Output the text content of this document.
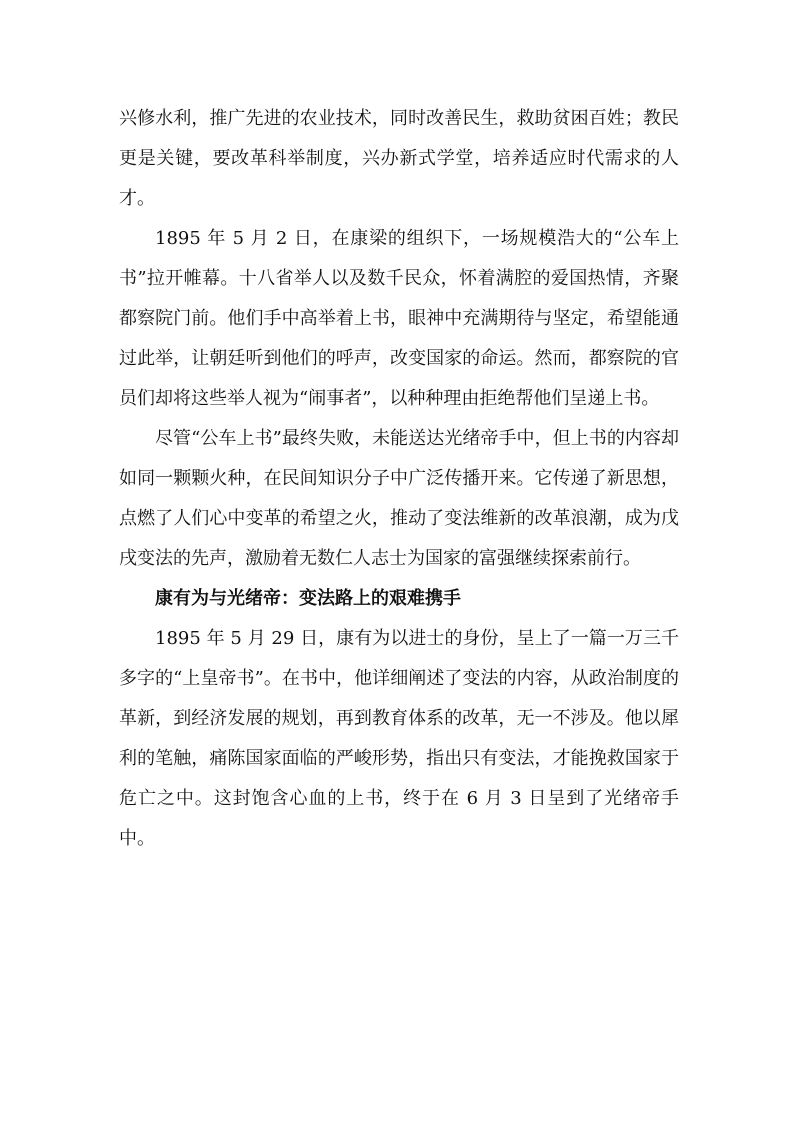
兴修水利，推广先进的农业技术，同时改善民生，救助贫困百姓；教民更是关键，要改革科举制度，兴办新式学堂，培养适应时代需求的人才。

1895 年 5 月 2 日，在康梁的组织下，一场规模浩大的“公车上书”拉开帷幕。十八省举人以及数千民众，怀着满腔的爱国热情，齐聚都察院门前。他们手中高举着上书，眼神中充满期待与坚定，希望能通过此举，让朝廷听到他们的呼声，改变国家的命运。然而，都察院的官员们却将这些举人视为“闹事者”，以种种理由拒绝帮他们呈递上书。

尽管“公车上书”最终失败，未能送达光绪帝手中，但上书的内容却如同一颗颗火种，在民间知识分子中广泛传播开来。它传递了新思想，点燃了人们心中变革的希望之火，推动了变法维新的改革浪潮，成为戊戌变法的先声，激励着无数仁人志士为国家的富强继续探索前行。

康有为与光绪帝：变法路上的艰难携手

1895 年 5 月 29 日，康有为以进士的身份，呈上了一篇一万三千多字的“上皇帝书”。在书中，他详细阐述了变法的内容，从政治制度的革新，到经济发展的规划，再到教育体系的改革，无一不涉及。他以犀利的笔触，痛陈国家面临的严峻形势，指出只有变法，才能挽救国家于危亡之中。这封饱含心血的上书，终于在 6 月 3 日呈到了光绪帝手中。
